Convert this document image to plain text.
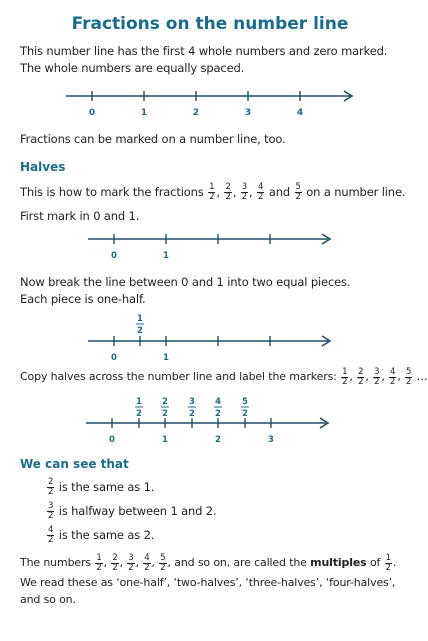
Fractions on the number line
This number line has the first 4 whole numbers and zero marked.
The whole numbers are equally spaced.
0	1	2	3	4
Fractions can be marked on a number line, too.
Halves
This is how to mark the fractions $\frac{1}{2}$ , $\frac{2}{2}$ , $\frac{3}{2}$ , $\frac{4}{2}$ and $\frac{5}{2}$ on a number line.
First mark in 0 and 1.
0	1
Now break the line between 0 and 1 into two equal pieces.
Each piece is one-half.
1
2
0	1
Copy halves across the number line and label the markers: $\frac{1}{2}$ , $\frac{2}{2}$ , $\frac{3}{2}$ , $\frac{4}{2}$ , $\frac{5}{2}$ …
1
2
2
2
3
2
4
2
5
2
0	1	2	3
We can see that
$\frac{2}{2}$ is the same as 1.
$\frac{3}{2}$ is halfway between 1 and 2.
$\frac{4}{2}$ is the same as 2.
The numbers $\frac{1}{2}$ , $\frac{2}{2}$ , $\frac{3}{2}$ , $\frac{4}{2}$ , $\frac{5}{2}$ , and so on, are called the multiples of $\frac{1}{2}$ .
We read these as ‘one-half’, ‘two-halves’, ‘three-halves’, ‘four-halves’,
and so on.
